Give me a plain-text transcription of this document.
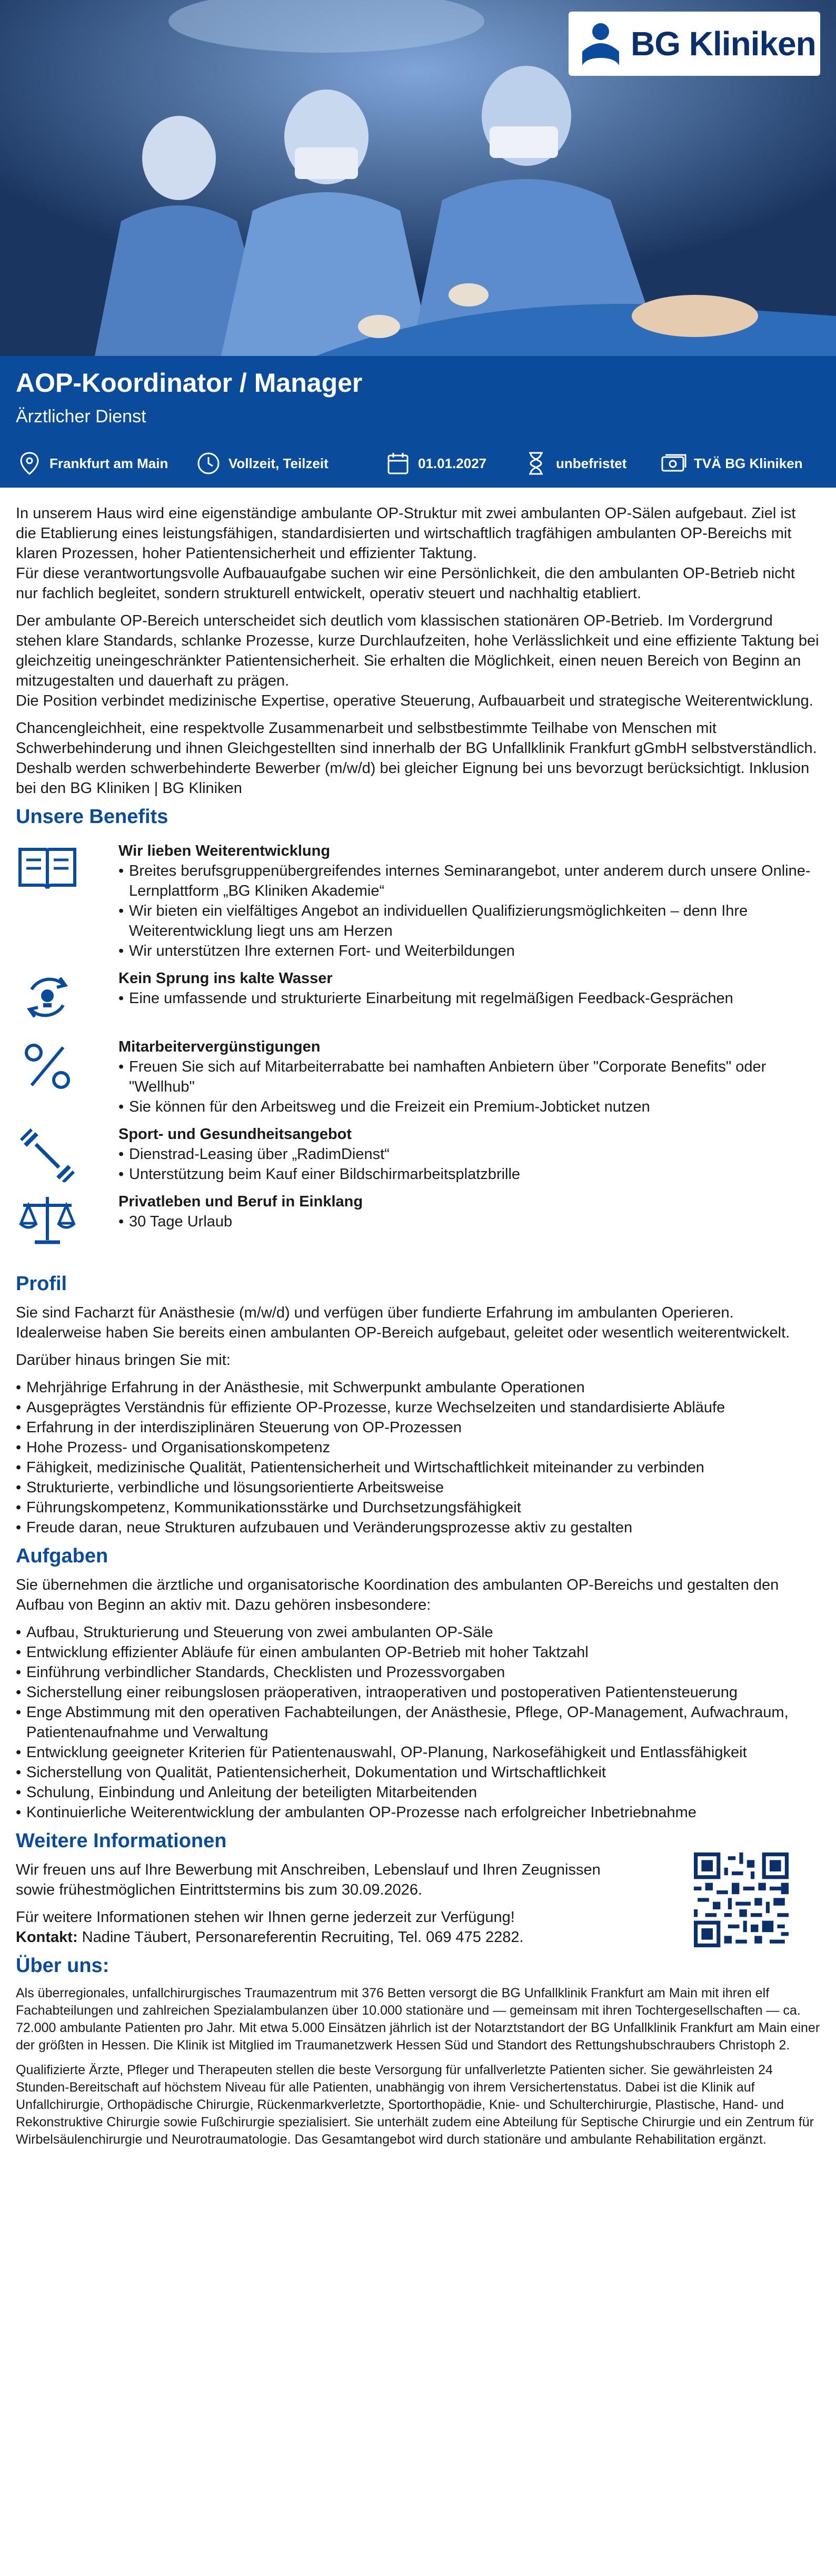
BG Kliniken
AOP-Koordinator / Manager
Ärztlicher Dienst
Frankfurt am Main	Vollzeit, Teilzeit	01.01.2027	unbefristet	TVÄ BG Kliniken

In unserem Haus wird eine eigenständige ambulante OP-Struktur mit zwei ambulanten OP-Sälen aufgebaut. Ziel ist die Etablierung eines leistungsfähigen, standardisierten und wirtschaftlich tragfähigen ambulanten OP-Bereichs mit klaren Prozessen, hoher Patientensicherheit und effizienter Taktung.

Für diese verantwortungsvolle Aufbauaufgabe suchen wir eine Persönlichkeit, die den ambulanten OP-Betrieb nicht nur fachlich begleitet, sondern strukturell entwickelt, operativ steuert und nachhaltig etabliert.

Der ambulante OP-Bereich unterscheidet sich deutlich vom klassischen stationären OP-Betrieb. Im Vordergrund stehen klare Standards, schlanke Prozesse, kurze Durchlaufzeiten, hohe Verlässlichkeit und eine effiziente Taktung bei gleichzeitig uneingeschränkter Patientensicherheit. Sie erhalten die Möglichkeit, einen neuen Bereich von Beginn an mitzugestalten und dauerhaft zu prägen.

Die Position verbindet medizinische Expertise, operative Steuerung, Aufbauarbeit und strategische Weiterentwicklung.

Chancengleichheit, eine respektvolle Zusammenarbeit und selbstbestimmte Teilhabe von Menschen mit Schwerbehinderung und ihnen Gleichgestellten sind innerhalb der BG Unfallklinik Frankfurt gGmbH selbstverständlich. Deshalb werden schwerbehinderte Bewerber (m/w/d) bei gleicher Eignung bei uns bevorzugt berücksichtigt. Inklusion bei den BG Kliniken | BG Kliniken

Unsere Benefits
Wir lieben Weiterentwicklung
• Breites berufsgruppenübergreifendes internes Seminarangebot, unter anderem durch unsere Online-Lernplattform „BG Kliniken Akademie“
• Wir bieten ein vielfältiges Angebot an individuellen Qualifizierungsmöglichkeiten – denn Ihre Weiterentwicklung liegt uns am Herzen
• Wir unterstützen Ihre externen Fort- und Weiterbildungen
Kein Sprung ins kalte Wasser
• Eine umfassende und strukturierte Einarbeitung mit regelmäßigen Feedback-Gesprächen
Mitarbeitervergünstigungen
• Freuen Sie sich auf Mitarbeiterrabatte bei namhaften Anbietern über "Corporate Benefits" oder "Wellhub"
• Sie können für den Arbeitsweg und die Freizeit ein Premium-Jobticket nutzen
Sport- und Gesundheitsangebot
• Dienstrad-Leasing über „RadimDienst“
• Unterstützung beim Kauf einer Bildschirmarbeitsplatzbrille
Privatleben und Beruf in Einklang
• 30 Tage Urlaub
Profil

Sie sind Facharzt für Anästhesie (m/w/d) und verfügen über fundierte Erfahrung im ambulanten Operieren. Idealerweise haben Sie bereits einen ambulanten OP-Bereich aufgebaut, geleitet oder wesentlich weiterentwickelt.

Darüber hinaus bringen Sie mit:

• Mehrjährige Erfahrung in der Anästhesie, mit Schwerpunkt ambulante Operationen
• Ausgeprägtes Verständnis für effiziente OP-Prozesse, kurze Wechselzeiten und standardisierte Abläufe
• Erfahrung in der interdisziplinären Steuerung von OP-Prozessen
• Hohe Prozess- und Organisationskompetenz
• Fähigkeit, medizinische Qualität, Patientensicherheit und Wirtschaftlichkeit miteinander zu verbinden
• Strukturierte, verbindliche und lösungsorientierte Arbeitsweise
• Führungskompetenz, Kommunikationsstärke und Durchsetzungsfähigkeit
• Freude daran, neue Strukturen aufzubauen und Veränderungsprozesse aktiv zu gestalten
Aufgaben

Sie übernehmen die ärztliche und organisatorische Koordination des ambulanten OP-Bereichs und gestalten den Aufbau von Beginn an aktiv mit. Dazu gehören insbesondere:

• Aufbau, Strukturierung und Steuerung von zwei ambulanten OP-Säle
• Entwicklung effizienter Abläufe für einen ambulanten OP-Betrieb mit hoher Taktzahl
• Einführung verbindlicher Standards, Checklisten und Prozessvorgaben
• Sicherstellung einer reibungslosen präoperativen, intraoperativen und postoperativen Patientensteuerung
• Enge Abstimmung mit den operativen Fachabteilungen, der Anästhesie, Pflege, OP-Management, Aufwachraum, Patientenaufnahme und Verwaltung
• Entwicklung geeigneter Kriterien für Patientenauswahl, OP-Planung, Narkosefähigkeit und Entlassfähigkeit
• Sicherstellung von Qualität, Patientensicherheit, Dokumentation und Wirtschaftlichkeit
• Schulung, Einbindung und Anleitung der beteiligten Mitarbeitenden
• Kontinuierliche Weiterentwicklung der ambulanten OP-Prozesse nach erfolgreicher Inbetriebnahme
Weitere Informationen

Wir freuen uns auf Ihre Bewerbung mit Anschreiben, Lebenslauf und Ihren Zeugnissen sowie frühestmöglichen Eintrittstermins bis zum 30.09.2026.

Für weitere Informationen stehen wir Ihnen gerne jederzeit zur Verfügung!

Kontakt: Nadine Täubert, Personareferentin Recruiting, Tel. 069 475 2282.

Über uns:

Als überregionales, unfallchirurgisches Traumazentrum mit 376 Betten versorgt die BG Unfallklinik Frankfurt am Main mit ihren elf Fachabteilungen und zahlreichen Spezialambulanzen über 10.000 stationäre und — gemeinsam mit ihren Tochtergesellschaften — ca. 72.000 ambulante Patienten pro Jahr. Mit etwa 5.000 Einsätzen jährlich ist der Notarztstandort der BG Unfallklinik Frankfurt am Main einer der größten in Hessen. Die Klinik ist Mitglied im Traumanetzwerk Hessen Süd und Standort des Rettungshubschraubers Christoph 2.

Qualifizierte Ärzte, Pfleger und Therapeuten stellen die beste Versorgung für unfallverletzte Patienten sicher. Sie gewährleisten 24 Stunden-Bereitschaft auf höchstem Niveau für alle Patienten, unabhängig von ihrem Versichertenstatus. Dabei ist die Klinik auf Unfallchirurgie, Orthopädische Chirurgie, Rückenmarkverletzte, Sportorthopädie, Knie- und Schulterchirurgie, Plastische, Hand- und Rekonstruktive Chirurgie sowie Fußchirurgie spezialisiert. Sie unterhält zudem eine Abteilung für Septische Chirurgie und ein Zentrum für Wirbelsäulenchirurgie und Neurotraumatologie. Das Gesamtangebot wird durch stationäre und ambulante Rehabilitation ergänzt.
